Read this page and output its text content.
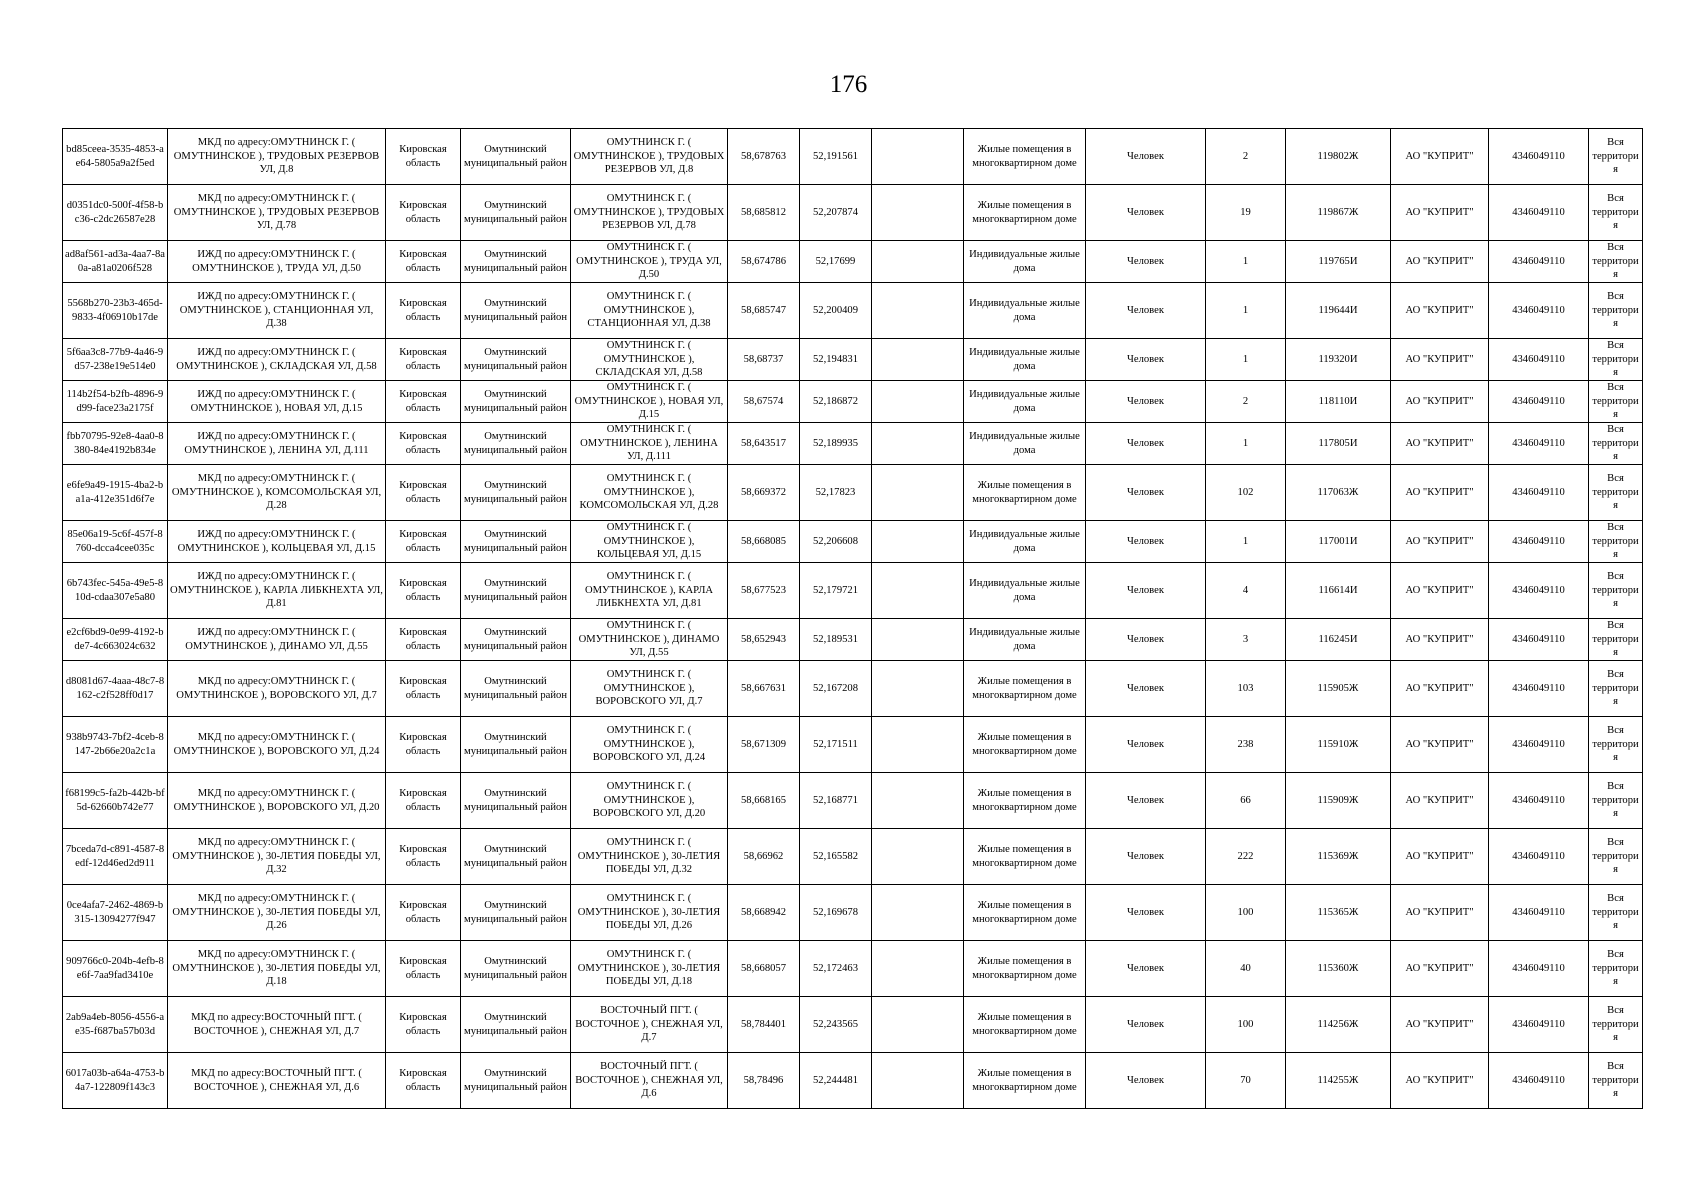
176
bd85ceea-3535-4853-ae64-5805a9a2f5ed	МКД по адресу:ОМУТНИНСК Г. ( ОМУТНИНСКОЕ ), ТРУДОВЫХ РЕЗЕРВОВ УЛ, Д.8	Кировская область	Омутнинский муниципальный район	ОМУТНИНСК Г. ( ОМУТНИНСКОЕ ), ТРУДОВЫХ РЕЗЕРВОВ УЛ, Д.8	58,678763	52,191561		Жилые помещения в многоквартирном доме	Человек	2	119802Ж	АО "КУПРИТ"	4346049110	Вся территория
d0351dc0-500f-4f58-bc36-c2dc26587e28	МКД по адресу:ОМУТНИНСК Г. ( ОМУТНИНСКОЕ ), ТРУДОВЫХ РЕЗЕРВОВ УЛ, Д.78	Кировская область	Омутнинский муниципальный район	ОМУТНИНСК Г. ( ОМУТНИНСКОЕ ), ТРУДОВЫХ РЕЗЕРВОВ УЛ, Д.78	58,685812	52,207874		Жилые помещения в многоквартирном доме	Человек	19	119867Ж	АО "КУПРИТ"	4346049110	Вся территория
ad8af561-ad3a-4aa7-8a0a-a81a0206f528	ИЖД по адресу:ОМУТНИНСК Г. ( ОМУТНИНСКОЕ ), ТРУДА УЛ, Д.50	Кировская область	Омутнинский муниципальный район	ОМУТНИНСК Г. ( ОМУТНИНСКОЕ ), ТРУДА УЛ, Д.50	58,674786	52,17699		Индивидуальные жилые дома	Человек	1	119765И	АО "КУПРИТ"	4346049110	Вся территория
5568b270-23b3-465d-9833-4f06910b17de	ИЖД по адресу:ОМУТНИНСК Г. ( ОМУТНИНСКОЕ ), СТАНЦИОННАЯ УЛ, Д.38	Кировская область	Омутнинский муниципальный район	ОМУТНИНСК Г. ( ОМУТНИНСКОЕ ), СТАНЦИОННАЯ УЛ, Д.38	58,685747	52,200409		Индивидуальные жилые дома	Человек	1	119644И	АО "КУПРИТ"	4346049110	Вся территория
5f6aa3c8-77b9-4a46-9d57-238e19e514e0	ИЖД по адресу:ОМУТНИНСК Г. ( ОМУТНИНСКОЕ ), СКЛАДСКАЯ УЛ, Д.58	Кировская область	Омутнинский муниципальный район	ОМУТНИНСК Г. ( ОМУТНИНСКОЕ ), СКЛАДСКАЯ УЛ, Д.58	58,68737	52,194831		Индивидуальные жилые дома	Человек	1	119320И	АО "КУПРИТ"	4346049110	Вся территория
114b2f54-b2fb-4896-9d99-face23a2175f	ИЖД по адресу:ОМУТНИНСК Г. ( ОМУТНИНСКОЕ ), НОВАЯ УЛ, Д.15	Кировская область	Омутнинский муниципальный район	ОМУТНИНСК Г. ( ОМУТНИНСКОЕ ), НОВАЯ УЛ, Д.15	58,67574	52,186872		Индивидуальные жилые дома	Человек	2	118110И	АО "КУПРИТ"	4346049110	Вся территория
fbb70795-92e8-4aa0-8380-84e4192b834e	ИЖД по адресу:ОМУТНИНСК Г. ( ОМУТНИНСКОЕ ), ЛЕНИНА УЛ, Д.111	Кировская область	Омутнинский муниципальный район	ОМУТНИНСК Г. ( ОМУТНИНСКОЕ ), ЛЕНИНА УЛ, Д.111	58,643517	52,189935		Индивидуальные жилые дома	Человек	1	117805И	АО "КУПРИТ"	4346049110	Вся территория
e6fe9a49-1915-4ba2-ba1a-412e351d6f7e	МКД по адресу:ОМУТНИНСК Г. ( ОМУТНИНСКОЕ ), КОМСОМОЛЬСКАЯ УЛ, Д.28	Кировская область	Омутнинский муниципальный район	ОМУТНИНСК Г. ( ОМУТНИНСКОЕ ), КОМСОМОЛЬСКАЯ УЛ, Д.28	58,669372	52,17823		Жилые помещения в многоквартирном доме	Человек	102	117063Ж	АО "КУПРИТ"	4346049110	Вся территория
85e06a19-5c6f-457f-8760-dcca4cee035c	ИЖД по адресу:ОМУТНИНСК Г. ( ОМУТНИНСКОЕ ), КОЛЬЦЕВАЯ УЛ, Д.15	Кировская область	Омутнинский муниципальный район	ОМУТНИНСК Г. ( ОМУТНИНСКОЕ ), КОЛЬЦЕВАЯ УЛ, Д.15	58,668085	52,206608		Индивидуальные жилые дома	Человек	1	117001И	АО "КУПРИТ"	4346049110	Вся территория
6b743fec-545a-49e5-810d-cdaa307e5a80	ИЖД по адресу:ОМУТНИНСК Г. ( ОМУТНИНСКОЕ ), КАРЛА ЛИБКНЕХТА УЛ, Д.81	Кировская область	Омутнинский муниципальный район	ОМУТНИНСК Г. ( ОМУТНИНСКОЕ ), КАРЛА ЛИБКНЕХТА УЛ, Д.81	58,677523	52,179721		Индивидуальные жилые дома	Человек	4	116614И	АО "КУПРИТ"	4346049110	Вся территория
e2cf6bd9-0e99-4192-bde7-4c663024c632	ИЖД по адресу:ОМУТНИНСК Г. ( ОМУТНИНСКОЕ ), ДИНАМО УЛ, Д.55	Кировская область	Омутнинский муниципальный район	ОМУТНИНСК Г. ( ОМУТНИНСКОЕ ), ДИНАМО УЛ, Д.55	58,652943	52,189531		Индивидуальные жилые дома	Человек	3	116245И	АО "КУПРИТ"	4346049110	Вся территория
d8081d67-4aaa-48c7-8162-c2f528ff0d17	МКД по адресу:ОМУТНИНСК Г. ( ОМУТНИНСКОЕ ), ВОРОВСКОГО УЛ, Д.7	Кировская область	Омутнинский муниципальный район	ОМУТНИНСК Г. ( ОМУТНИНСКОЕ ), ВОРОВСКОГО УЛ, Д.7	58,667631	52,167208		Жилые помещения в многоквартирном доме	Человек	103	115905Ж	АО "КУПРИТ"	4346049110	Вся территория
938b9743-7bf2-4ceb-8147-2b66e20a2c1a	МКД по адресу:ОМУТНИНСК Г. ( ОМУТНИНСКОЕ ), ВОРОВСКОГО УЛ, Д.24	Кировская область	Омутнинский муниципальный район	ОМУТНИНСК Г. ( ОМУТНИНСКОЕ ), ВОРОВСКОГО УЛ, Д.24	58,671309	52,171511		Жилые помещения в многоквартирном доме	Человек	238	115910Ж	АО "КУПРИТ"	4346049110	Вся территория
f68199c5-fa2b-442b-bf5d-62660b742e77	МКД по адресу:ОМУТНИНСК Г. ( ОМУТНИНСКОЕ ), ВОРОВСКОГО УЛ, Д.20	Кировская область	Омутнинский муниципальный район	ОМУТНИНСК Г. ( ОМУТНИНСКОЕ ), ВОРОВСКОГО УЛ, Д.20	58,668165	52,168771		Жилые помещения в многоквартирном доме	Человек	66	115909Ж	АО "КУПРИТ"	4346049110	Вся территория
7bceda7d-c891-4587-8edf-12d46ed2d911	МКД по адресу:ОМУТНИНСК Г. ( ОМУТНИНСКОЕ ), 30-ЛЕТИЯ ПОБЕДЫ УЛ, Д.32	Кировская область	Омутнинский муниципальный район	ОМУТНИНСК Г. ( ОМУТНИНСКОЕ ), 30-ЛЕТИЯ ПОБЕДЫ УЛ, Д.32	58,66962	52,165582		Жилые помещения в многоквартирном доме	Человек	222	115369Ж	АО "КУПРИТ"	4346049110	Вся территория
0ce4afa7-2462-4869-b315-13094277f947	МКД по адресу:ОМУТНИНСК Г. ( ОМУТНИНСКОЕ ), 30-ЛЕТИЯ ПОБЕДЫ УЛ, Д.26	Кировская область	Омутнинский муниципальный район	ОМУТНИНСК Г. ( ОМУТНИНСКОЕ ), 30-ЛЕТИЯ ПОБЕДЫ УЛ, Д.26	58,668942	52,169678		Жилые помещения в многоквартирном доме	Человек	100	115365Ж	АО "КУПРИТ"	4346049110	Вся территория
909766c0-204b-4efb-8e6f-7aa9fad3410e	МКД по адресу:ОМУТНИНСК Г. ( ОМУТНИНСКОЕ ), 30-ЛЕТИЯ ПОБЕДЫ УЛ, Д.18	Кировская область	Омутнинский муниципальный район	ОМУТНИНСК Г. ( ОМУТНИНСКОЕ ), 30-ЛЕТИЯ ПОБЕДЫ УЛ, Д.18	58,668057	52,172463		Жилые помещения в многоквартирном доме	Человек	40	115360Ж	АО "КУПРИТ"	4346049110	Вся территория
2ab9a4eb-8056-4556-ae35-f687ba57b03d	МКД по адресу:ВОСТОЧНЫЙ ПГТ. ( ВОСТОЧНОЕ ), СНЕЖНАЯ УЛ, Д.7	Кировская область	Омутнинский муниципальный район	ВОСТОЧНЫЙ ПГТ. ( ВОСТОЧНОЕ ), СНЕЖНАЯ УЛ, Д.7	58,784401	52,243565		Жилые помещения в многоквартирном доме	Человек	100	114256Ж	АО "КУПРИТ"	4346049110	Вся территория
6017a03b-a64a-4753-b4a7-122809f143c3	МКД по адресу:ВОСТОЧНЫЙ ПГТ. ( ВОСТОЧНОЕ ), СНЕЖНАЯ УЛ, Д.6	Кировская область	Омутнинский муниципальный район	ВОСТОЧНЫЙ ПГТ. ( ВОСТОЧНОЕ ), СНЕЖНАЯ УЛ, Д.6	58,78496	52,244481		Жилые помещения в многоквартирном доме	Человек	70	114255Ж	АО "КУПРИТ"	4346049110	Вся территория
